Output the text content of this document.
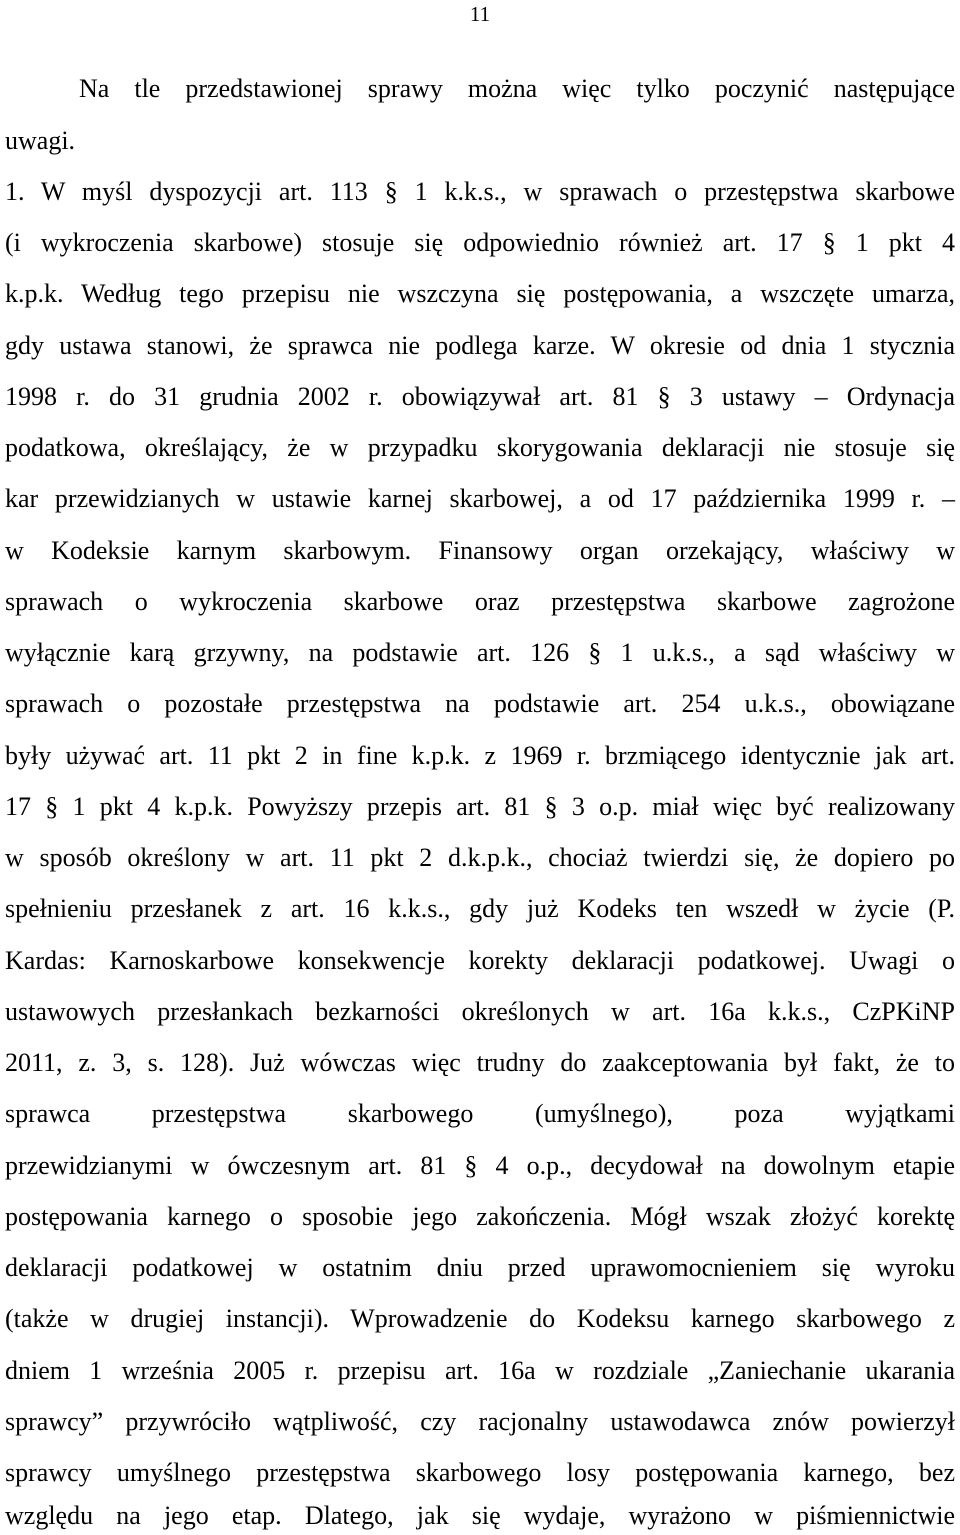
11
Na tle przedstawionej sprawy można więc tylko poczynić następujące
uwagi.
1. W myśl dyspozycji art. 113 § 1 k.k.s., w sprawach o przestępstwa skarbowe
(i wykroczenia skarbowe) stosuje się odpowiednio również art. 17 § 1 pkt 4
k.p.k. Według tego przepisu nie wszczyna się postępowania, a wszczęte umarza,
gdy ustawa stanowi, że sprawca nie podlega karze. W okresie od dnia 1 stycznia
1998 r. do 31 grudnia 2002 r. obowiązywał art. 81 § 3 ustawy – Ordynacja
podatkowa, określający, że w przypadku skorygowania deklaracji nie stosuje się
kar przewidzianych w ustawie karnej skarbowej, a od 17 października 1999 r. –
w Kodeksie karnym skarbowym. Finansowy organ orzekający, właściwy w
sprawach o wykroczenia skarbowe oraz przestępstwa skarbowe zagrożone
wyłącznie karą grzywny, na podstawie art. 126 § 1 u.k.s., a sąd właściwy w
sprawach o pozostałe przestępstwa na podstawie art. 254 u.k.s., obowiązane
były używać art. 11 pkt 2 in fine k.p.k. z 1969 r. brzmiącego identycznie jak art.
17 § 1 pkt 4 k.p.k. Powyższy przepis art. 81 § 3 o.p. miał więc być realizowany
w sposób określony w art. 11 pkt 2 d.k.p.k., chociaż twierdzi się, że dopiero po
spełnieniu przesłanek z art. 16 k.k.s., gdy już Kodeks ten wszedł w życie (P.
Kardas: Karnoskarbowe konsekwencje korekty deklaracji podatkowej. Uwagi o
ustawowych przesłankach bezkarności określonych w art. 16a k.k.s., CzPKiNP
2011, z. 3, s. 128). Już wówczas więc trudny do zaakceptowania był fakt, że to
sprawca przestępstwa skarbowego (umyślnego), poza wyjątkami
przewidzianymi w ówczesnym art. 81 § 4 o.p., decydował na dowolnym etapie
postępowania karnego o sposobie jego zakończenia. Mógł wszak złożyć korektę
deklaracji podatkowej w ostatnim dniu przed uprawomocnieniem się wyroku
(także w drugiej instancji). Wprowadzenie do Kodeksu karnego skarbowego z
dniem 1 września 2005 r. przepisu art. 16a w rozdziale „Zaniechanie ukarania
sprawcy” przywróciło wątpliwość, czy racjonalny ustawodawca znów powierzył
sprawcy umyślnego przestępstwa skarbowego losy postępowania karnego, bez
względu na jego etap. Dlatego, jak się wydaje, wyrażono w piśmiennictwie
